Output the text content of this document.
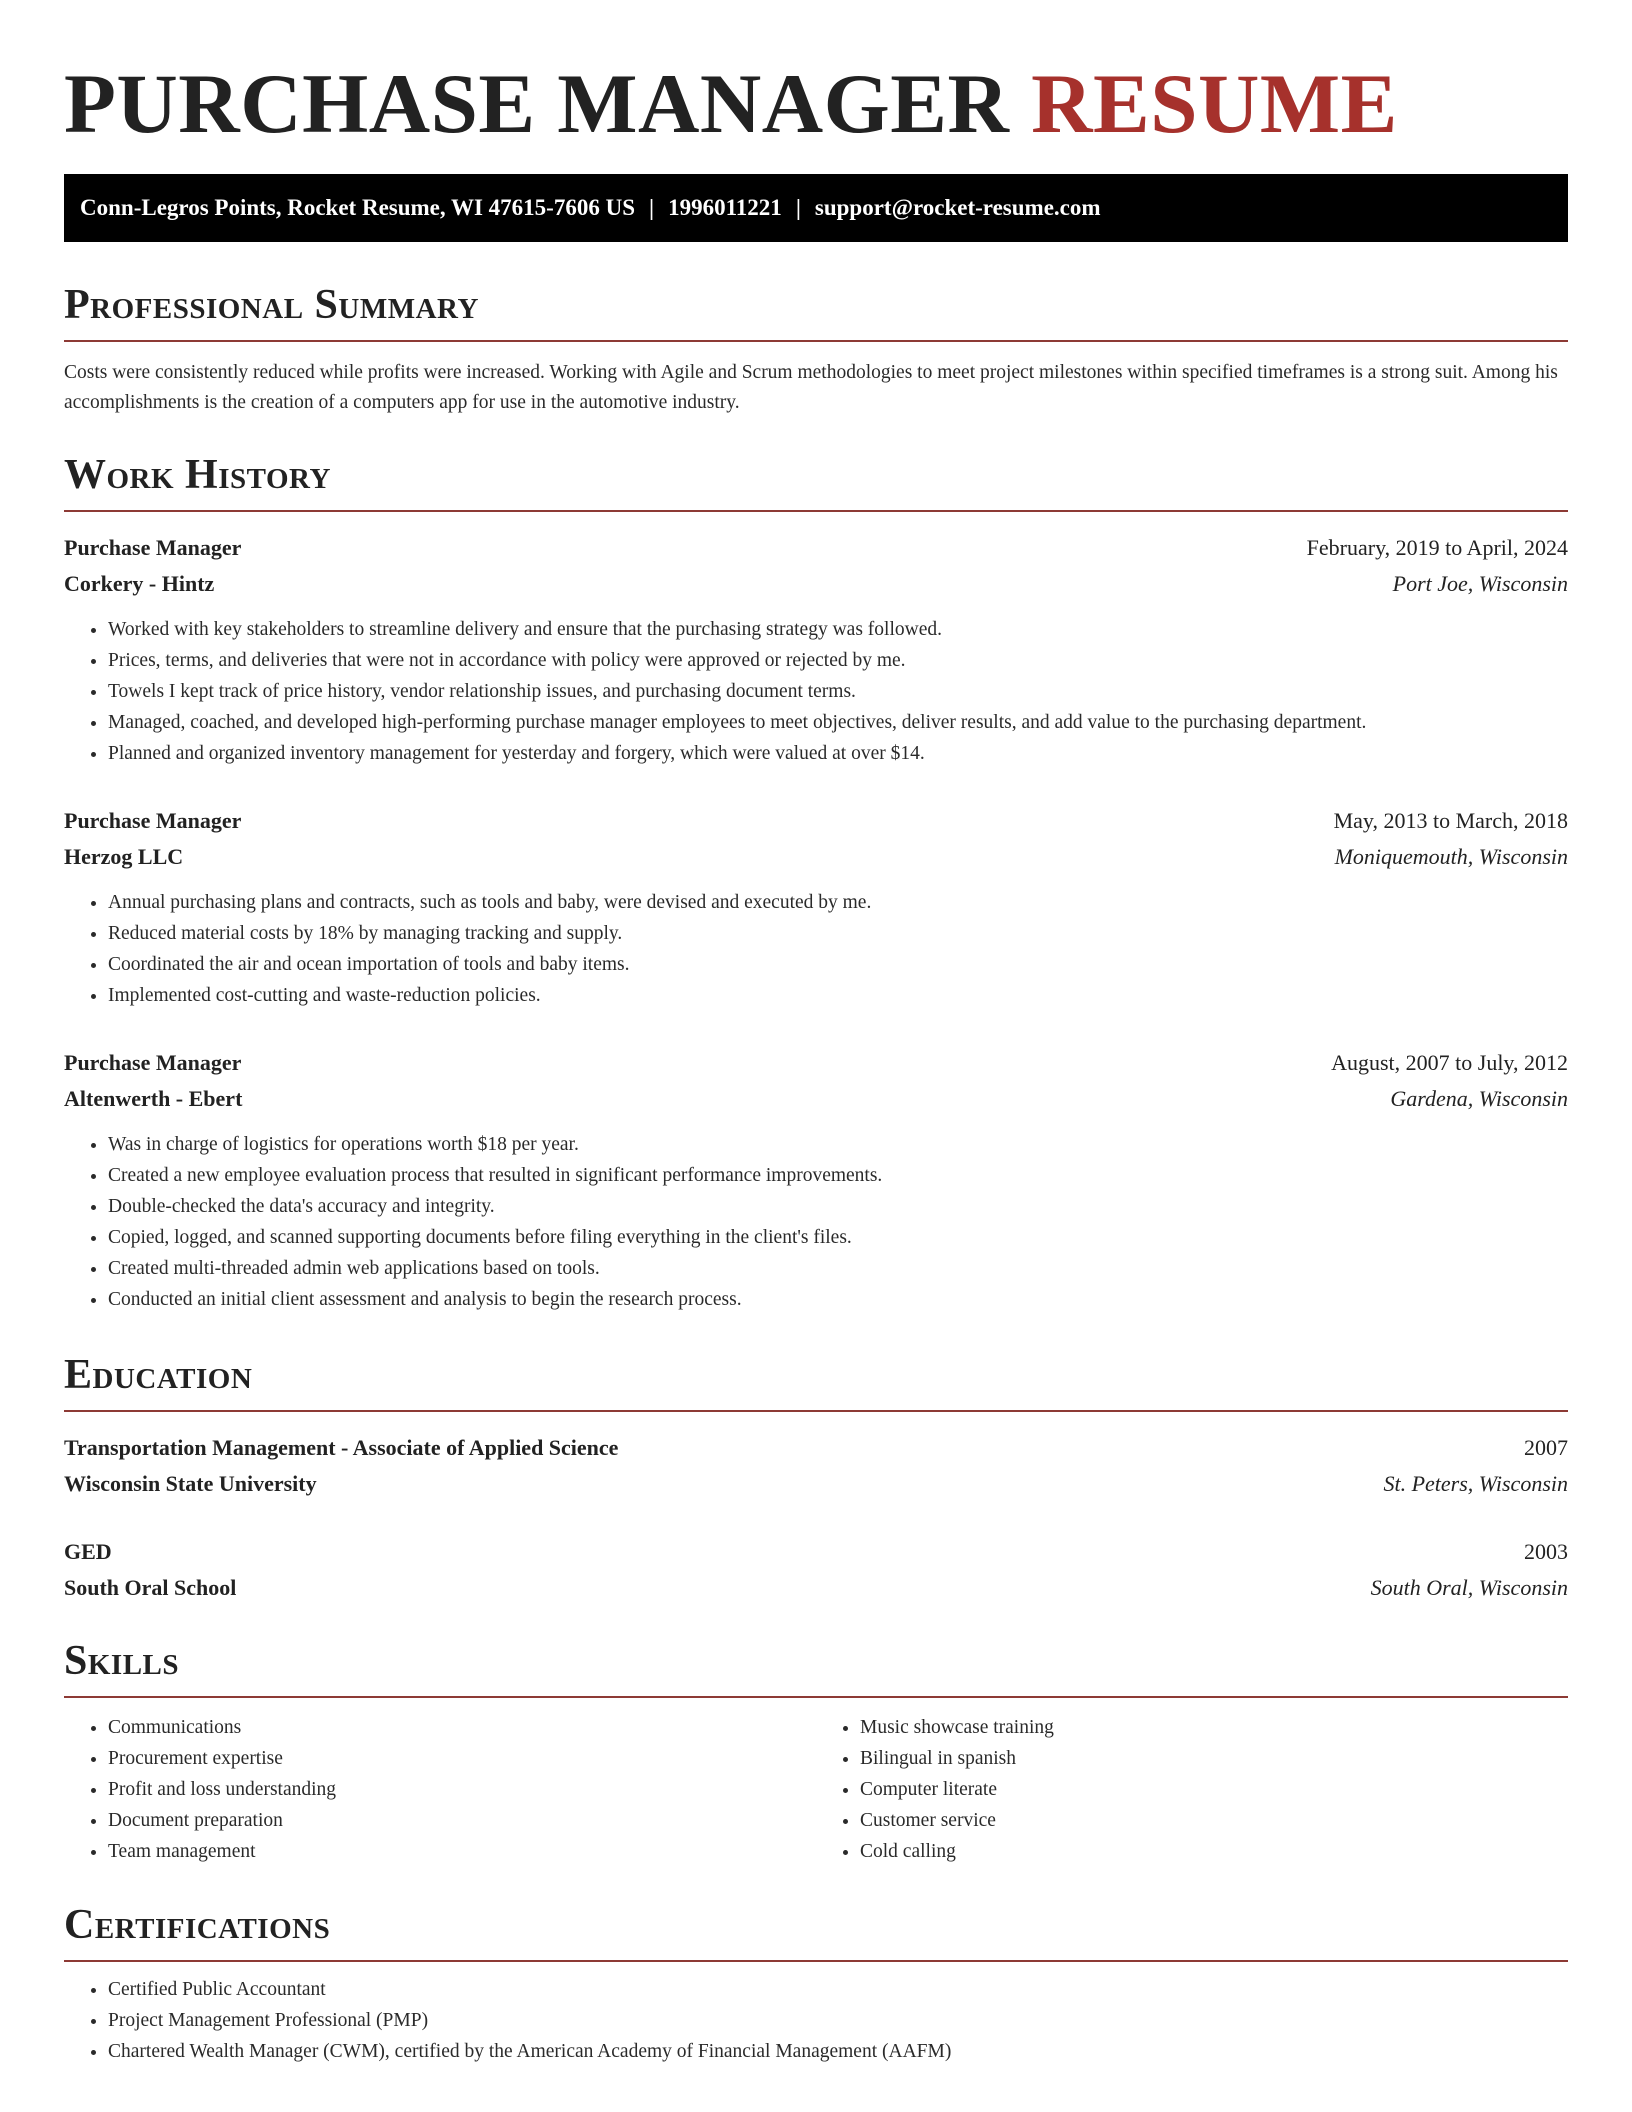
PURCHASE MANAGER RESUME
Conn-Legros Points, Rocket Resume, WI 47615-7606 US | 1996011221 | support@rocket-resume.com
Professional Summary

Costs were consistently reduced while profits were increased. Working with Agile and Scrum methodologies to meet project milestones within specified timeframes is a strong suit. Among his accomplishments is the creation of a computers app for use in the automotive industry.

Work History
Purchase Manager	February, 2019 to April, 2024
Corkery - Hintz	Port Joe, Wisconsin
• Worked with key stakeholders to streamline delivery and ensure that the purchasing strategy was followed.
• Prices, terms, and deliveries that were not in accordance with policy were approved or rejected by me.
• Towels I kept track of price history, vendor relationship issues, and purchasing document terms.
• Managed, coached, and developed high-performing purchase manager employees to meet objectives, deliver results, and add value to the purchasing department.
• Planned and organized inventory management for yesterday and forgery, which were valued at over $14.
Purchase Manager	May, 2013 to March, 2018
Herzog LLC	Moniquemouth, Wisconsin
• Annual purchasing plans and contracts, such as tools and baby, were devised and executed by me.
• Reduced material costs by 18% by managing tracking and supply.
• Coordinated the air and ocean importation of tools and baby items.
• Implemented cost-cutting and waste-reduction policies.
Purchase Manager	August, 2007 to July, 2012
Altenwerth - Ebert	Gardena, Wisconsin
• Was in charge of logistics for operations worth $18 per year.
• Created a new employee evaluation process that resulted in significant performance improvements.
• Double-checked the data's accuracy and integrity.
• Copied, logged, and scanned supporting documents before filing everything in the client's files.
• Created multi-threaded admin web applications based on tools.
• Conducted an initial client assessment and analysis to begin the research process.
Education
Transportation Management - Associate of Applied Science	2007
Wisconsin State University	St. Peters, Wisconsin
GED	2003
South Oral School	South Oral, Wisconsin
Skills
• Communications
• Procurement expertise
• Profit and loss understanding
• Document preparation
• Team management
• Music showcase training
• Bilingual in spanish
• Computer literate
• Customer service
• Cold calling
Certifications
• Certified Public Accountant
• Project Management Professional (PMP)
• Chartered Wealth Manager (CWM), certified by the American Academy of Financial Management (AAFM)
